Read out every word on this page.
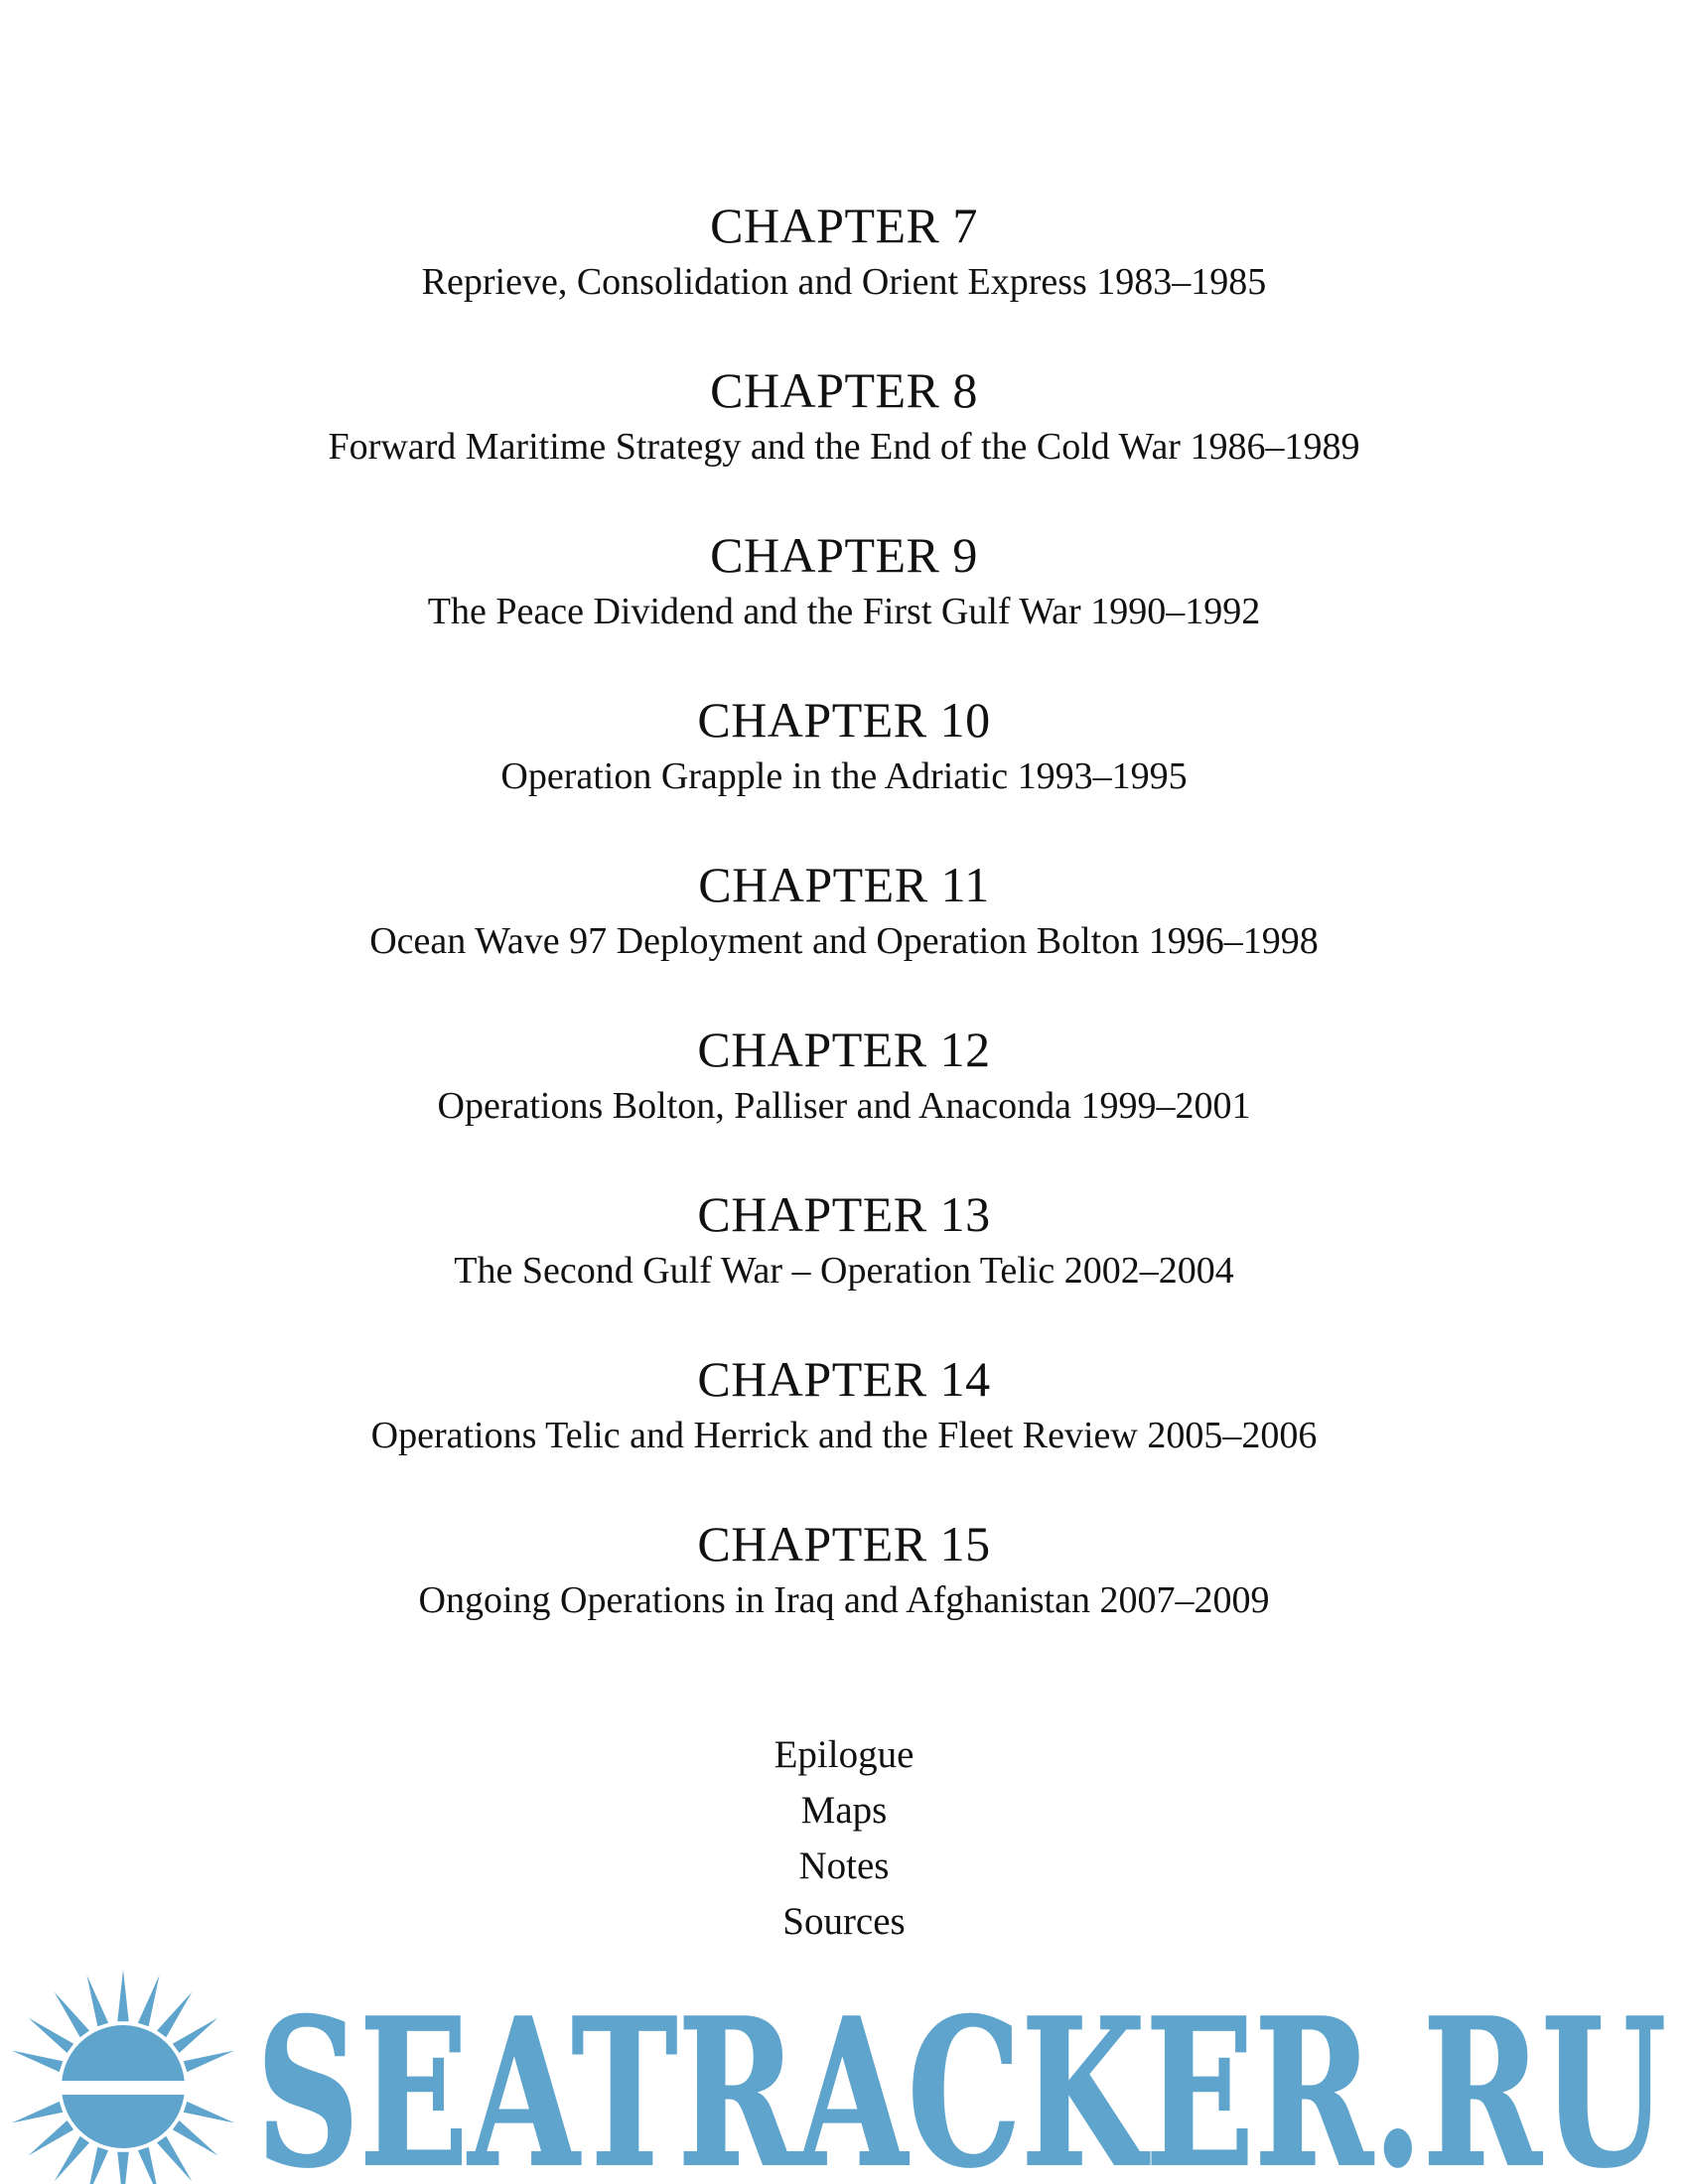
CHAPTER 7
Reprieve, Consolidation and Orient Express 1983–1985
CHAPTER 8
Forward Maritime Strategy and the End of the Cold War 1986–1989
CHAPTER 9
The Peace Dividend and the First Gulf War 1990–1992
CHAPTER 10
Operation Grapple in the Adriatic 1993–1995
CHAPTER 11
Ocean Wave 97 Deployment and Operation Bolton 1996–1998
CHAPTER 12
Operations Bolton, Palliser and Anaconda 1999–2001
CHAPTER 13
The Second Gulf War – Operation Telic 2002–2004
CHAPTER 14
Operations Telic and Herrick and the Fleet Review 2005–2006
CHAPTER 15
Ongoing Operations in Iraq and Afghanistan 2007–2009
Epilogue
Maps
Notes
Sources
SEATRACKER.RU
